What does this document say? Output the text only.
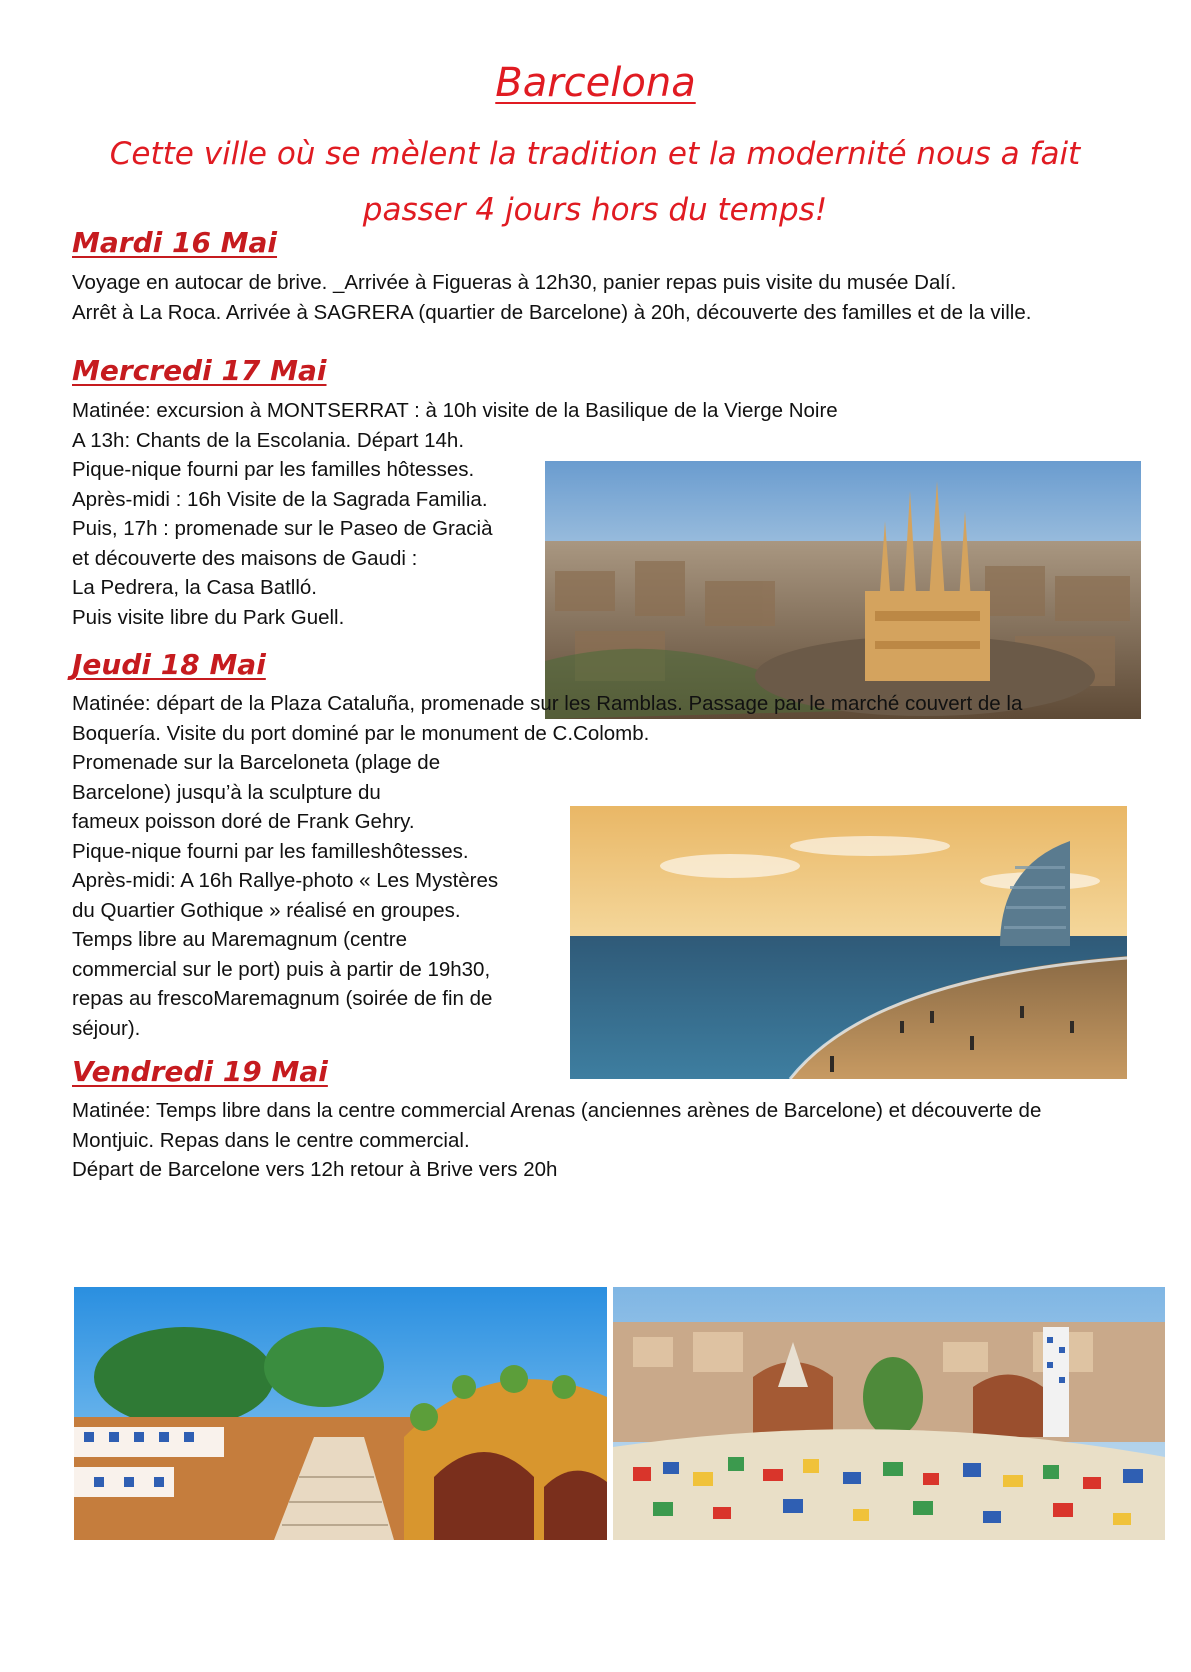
Barcelona
Cette ville où se mèlent la tradition et la modernité nous a fait
passer 4 jours hors du temps!
Mardi 16 Mai
Voyage en autocar de brive. _Arrivée à Figueras à 12h30, panier repas puis visite du musée Dalí.
Arrêt à La Roca. Arrivée à SAGRERA (quartier de Barcelone) à 20h, découverte des familles et de la ville.
Mercredi 17 Mai
Matinée: excursion à MONTSERRAT : à 10h visite de la Basilique de la Vierge Noire
A 13h: Chants de la Escolania. Départ 14h.
Pique-nique fourni par les familles hôtesses.
Après-midi : 16h Visite de la Sagrada Familia.
Puis, 17h : promenade sur le Paseo de Gracià
et découverte des maisons de Gaudi :
La Pedrera, la Casa Batlló.
Puis visite libre du Park Guell.
Jeudi 18 Mai
Matinée: départ de la Plaza Cataluña, promenade sur les Ramblas. Passage par le marché couvert de la
Boquería. Visite du port dominé par le monument de C.Colomb.
Promenade sur la Barceloneta (plage de
Barcelone) jusqu’à la sculpture du
fameux poisson doré de Frank Gehry.
Pique-nique fourni par les familleshôtesses.
Après-midi: A 16h Rallye-photo « Les Mystères
du Quartier Gothique » réalisé en groupes.
Temps libre au Maremagnum (centre
commercial sur le port) puis à partir de 19h30,
repas au frescoMaremagnum (soirée de fin de
séjour).
Vendredi 19 Mai
Matinée: Temps libre dans la centre commercial Arenas (anciennes arènes de Barcelone) et découverte de
Montjuic. Repas dans le centre commercial.
Départ de Barcelone vers 12h retour à Brive vers 20h
